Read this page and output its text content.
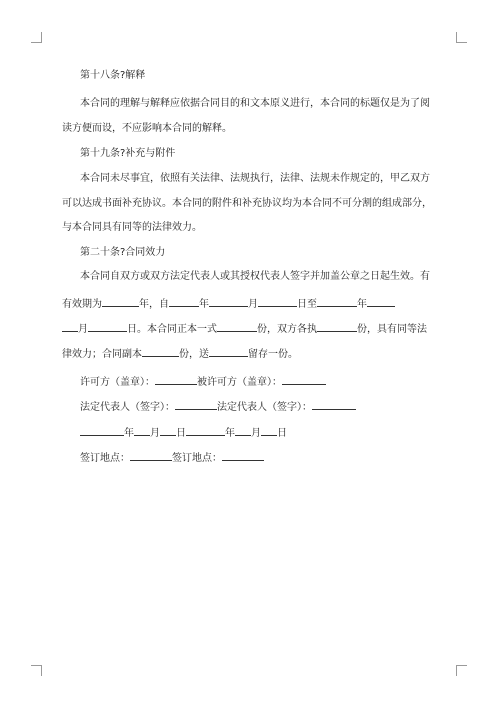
第十八条?解释
本合同的理解与解释应依据合同目的和文本原义进行，本合同的标题仅是为了阅
读方便而设，不应影响本合同的解释。
第十九条?补充与附件
本合同未尽事宜，依照有关法律、法规执行，法律、法规未作规定的，甲乙双方
可以达成书面补充协议。本合同的附件和补充协议均为本合同不可分割的组成部分，
与本合同具有同等的法律效力。
第二十条?合同效力
本合同自双方或双方法定代表人或其授权代表人签字并加盖公章之日起生效。有
有效期为	年，自	年	月	日至	年
月	日。本合同正本一式	份，双方各执	份，具有同等法
律效力；合同副本	份，送	留存一份。
许可方（盖章）：	被许可方（盖章）：
法定代表人（签字）：	法定代表人（签字）：
年 月 日	年 月 日
签订地点：	签订地点：
